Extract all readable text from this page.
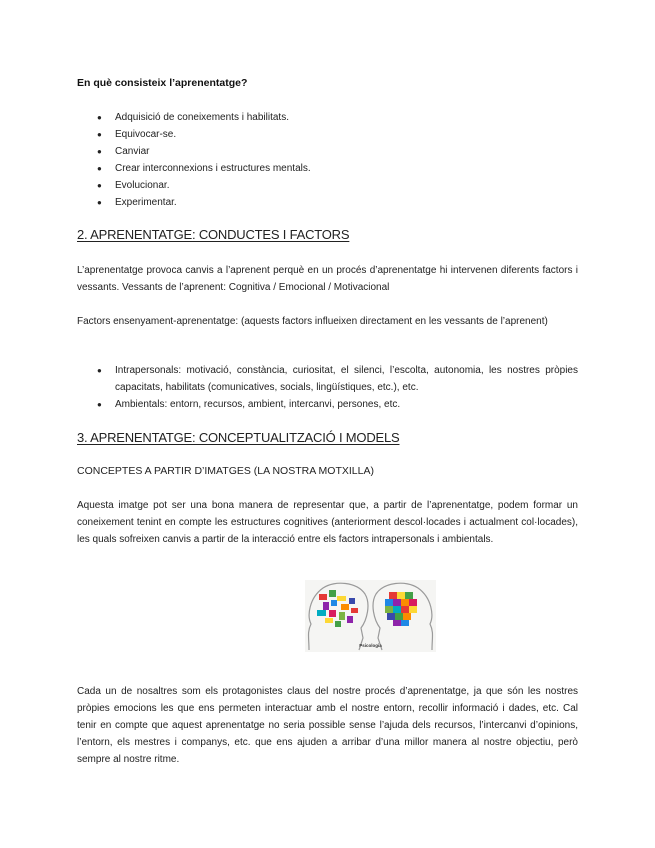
En què consisteix l’aprenentatge?
● Adquisició de coneixements i habilitats.
● Equivocar-se.
● Canviar
● Crear interconnexions i estructures mentals.
● Evolucionar.
● Experimentar.
2. APRENENTATGE: CONDUCTES I FACTORS

L’aprenentatge provoca canvis a l’aprenent perquè en un procés d’aprenentatge hi intervenen diferents factors i vessants. Vessants de l’aprenent: Cognitiva / Emocional / Motivacional

Factors ensenyament-aprenentatge: (aquests factors influeixen directament en les vessants de l’aprenent)

● Intrapersonals: motivació, constància, curiositat, el silenci, l’escolta, autonomia, les nostres pròpies capacitats, habilitats (comunicatives, socials, lingüístiques, etc.), etc.
● Ambientals: entorn, recursos, ambient, intercanvi, persones, etc.
3. APRENENTATGE: CONCEPTUALITZACIÓ I MODELS
CONCEPTES A PARTIR D’IMATGES (LA NOSTRA MOTXILLA)

Aquesta imatge pot ser una bona manera de representar que, a partir de l’aprenentatge, podem formar un coneixement tenint en compte les estructures cognitives (anteriorment descol·locades i actualment col·locades), les quals sofreixen canvis a partir de la interacció entre els factors intrapersonals i ambientals.

Cada un de nosaltres som els protagonistes claus del nostre procés d’aprenentatge, ja que són les nostres pròpies emocions les que ens permeten interactuar amb el nostre entorn, recollir informació i dades, etc. Cal tenir en compte que aquest aprenentatge no seria possible sense l’ajuda dels recursos, l’intercanvi d’opinions, l’entorn, els mestres i companys, etc. que ens ajuden a arribar d’una millor manera al nostre objectiu, però sempre al nostre ritme.

Psicologia
